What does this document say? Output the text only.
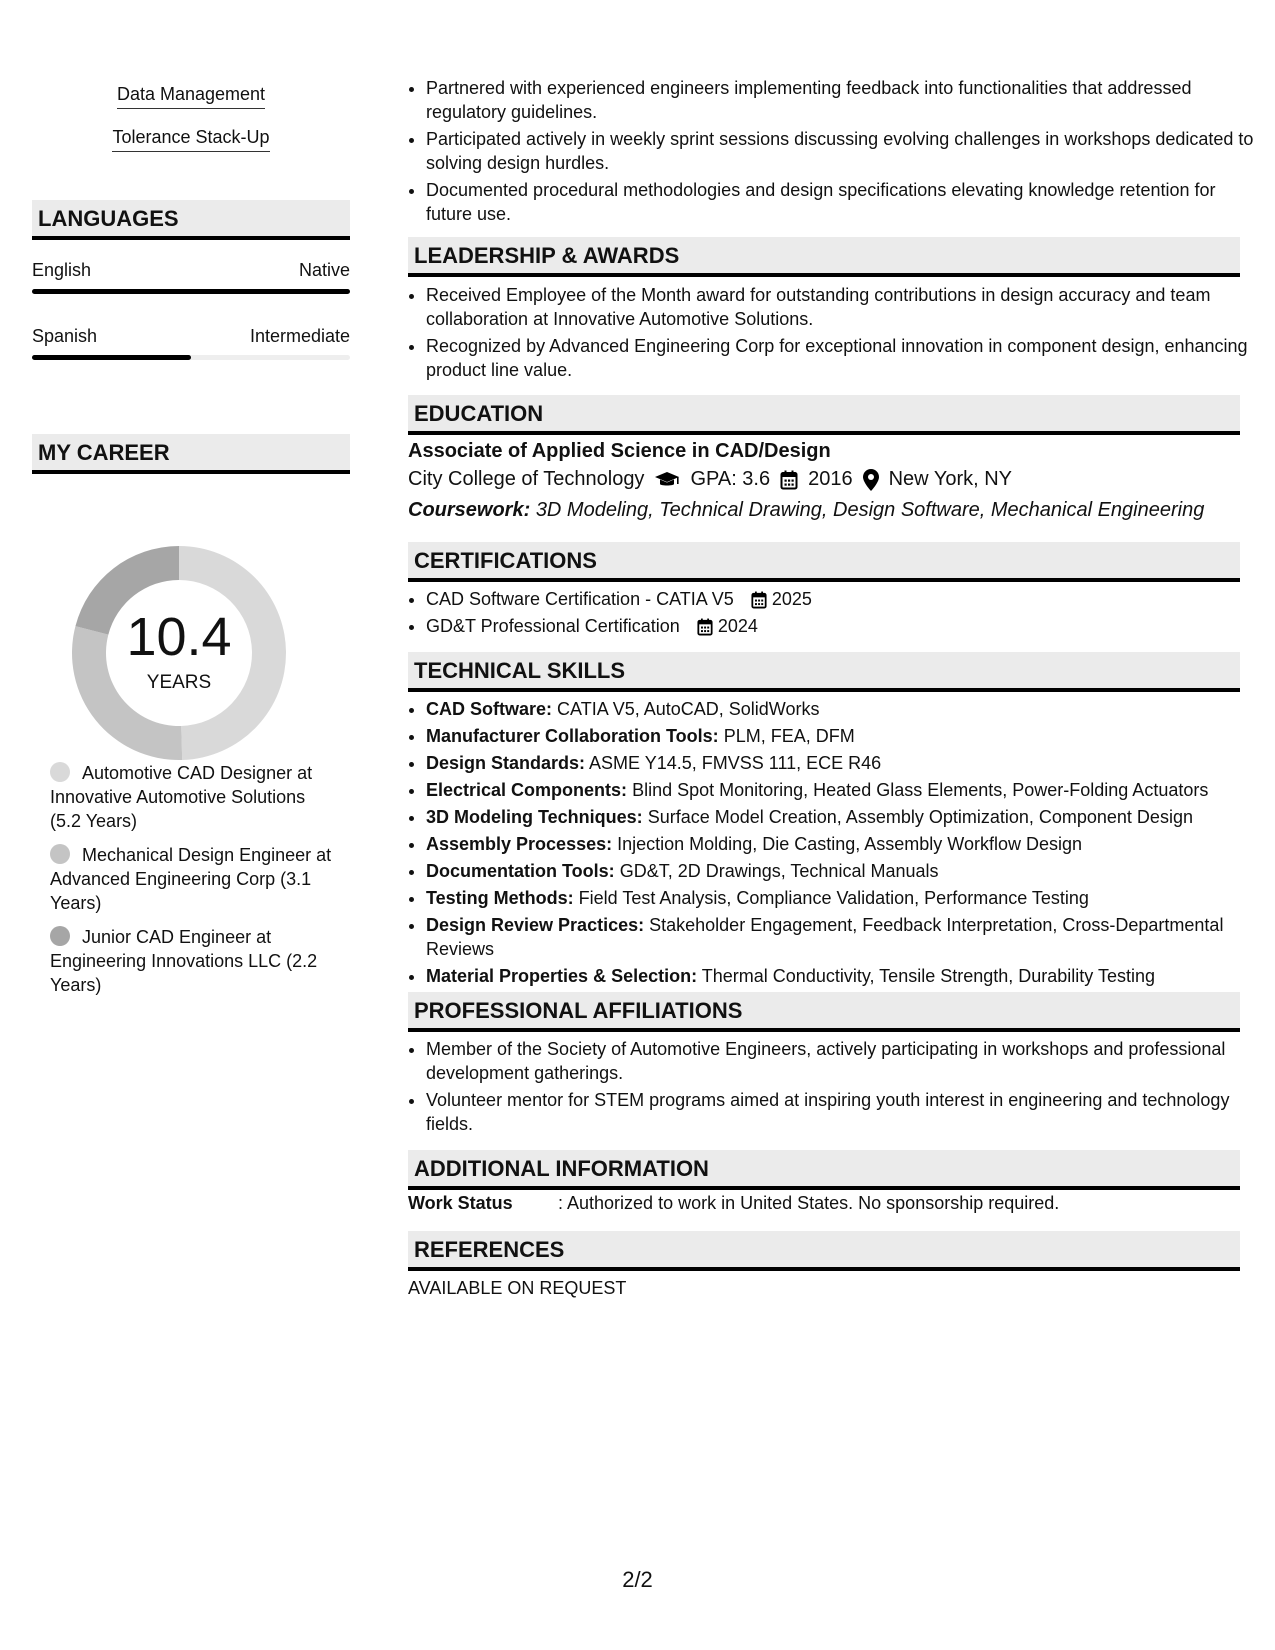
Data Management
Tolerance Stack-Up
LANGUAGES
English	Native
Spanish	Intermediate
MY CAREER
10.4
YEARS
Automotive CAD Designer at Innovative Automotive Solutions (5.2 Years)
Mechanical Design Engineer at Advanced Engineering Corp (3.1 Years)
Junior CAD Engineer at Engineering Innovations LLC (2.2 Years)
• Partnered with experienced engineers implementing feedback into functionalities that addressed regulatory guidelines.
• Participated actively in weekly sprint sessions discussing evolving challenges in workshops dedicated to solving design hurdles.
• Documented procedural methodologies and design specifications elevating knowledge retention for future use.
LEADERSHIP & AWARDS
• Received Employee of the Month award for outstanding contributions in design accuracy and team collaboration at Innovative Automotive Solutions.
• Recognized by Advanced Engineering Corp for exceptional innovation in component design, enhancing product line value.
EDUCATION
Associate of Applied Science in CAD/Design
City College of Technology GPA: 3.6 2016 New York, NY
Coursework: 3D Modeling, Technical Drawing, Design Software, Mechanical Engineering
CERTIFICATIONS
• CAD Software Certification - CATIA V5 2025
• GD&T Professional Certification 2024
TECHNICAL SKILLS
• CAD Software: CATIA V5, AutoCAD, SolidWorks
• Manufacturer Collaboration Tools: PLM, FEA, DFM
• Design Standards: ASME Y14.5, FMVSS 111, ECE R46
• Electrical Components: Blind Spot Monitoring, Heated Glass Elements, Power-Folding Actuators
• 3D Modeling Techniques: Surface Model Creation, Assembly Optimization, Component Design
• Assembly Processes: Injection Molding, Die Casting, Assembly Workflow Design
• Documentation Tools: GD&T, 2D Drawings, Technical Manuals
• Testing Methods: Field Test Analysis, Compliance Validation, Performance Testing
• Design Review Practices: Stakeholder Engagement, Feedback Interpretation, Cross-Departmental Reviews
• Material Properties & Selection: Thermal Conductivity, Tensile Strength, Durability Testing
PROFESSIONAL AFFILIATIONS
• Member of the Society of Automotive Engineers, actively participating in workshops and professional development gatherings.
• Volunteer mentor for STEM programs aimed at inspiring youth interest in engineering and technology fields.
ADDITIONAL INFORMATION
Work Status	: Authorized to work in United States. No sponsorship required.
REFERENCES
AVAILABLE ON REQUEST
2/2
